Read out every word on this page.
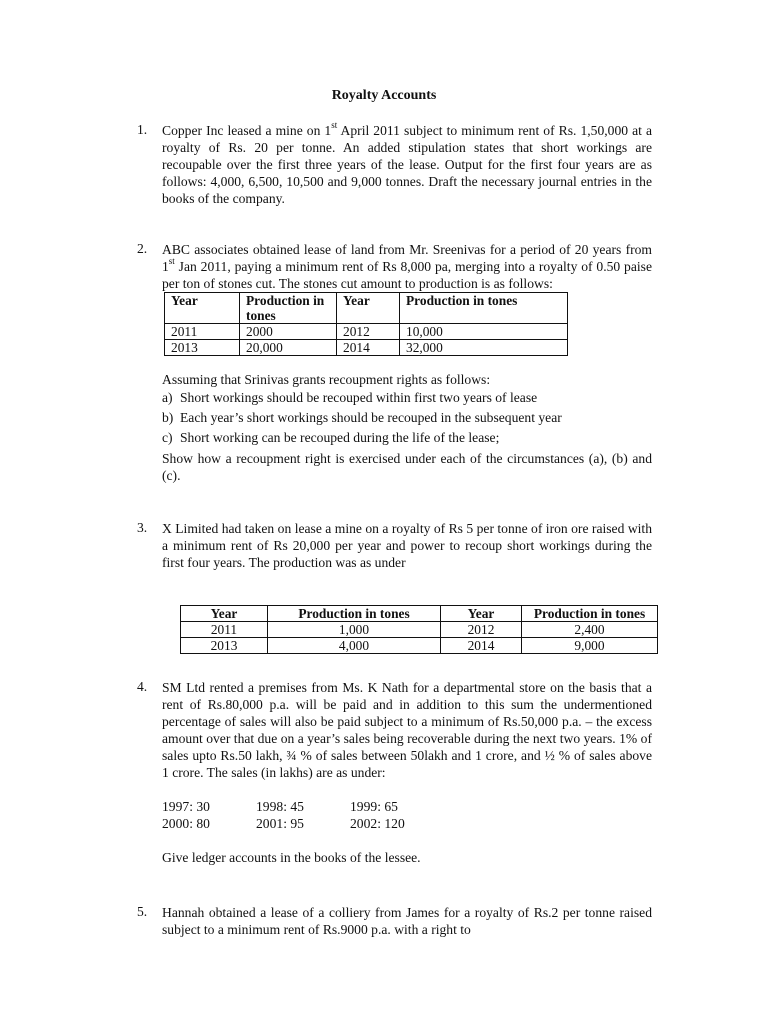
Royalty Accounts
1. Copper Inc leased a mine on 1st April 2011 subject to minimum rent of Rs. 1,50,000 at a royalty of Rs. 20 per tonne. An added stipulation states that short workings are recoupable over the first three years of the lease. Output for the first four years are as follows: 4,000, 6,500, 10,500 and 9,000 tonnes. Draft the necessary journal entries in the books of the company.

2. ABC associates obtained lease of land from Mr. Sreenivas for a period of 20 years from 1st Jan 2011, paying a minimum rent of Rs 8,000 pa, merging into a royalty of 0.50 paise per ton of stones cut. The stones cut amount to production is as follows:

Year	Production in tones	Year	Production in tones
2011	2000	2012	10,000
2013	20,000	2014	32,000

Assuming that Srinivas grants recoupment rights as follows:

a) Short workings should be recouped within first two years of lease
b) Each year’s short workings should be recouped in the subsequent year
c) Short working can be recouped during the life of the lease;

Show how a recoupment right is exercised under each of the circumstances (a), (b) and (c).

3. X Limited had taken on lease a mine on a royalty of Rs 5 per tonne of iron ore raised with a minimum rent of Rs 20,000 per year and power to recoup short workings during the first four years. The production was as under

Year	Production in tones	Year	Production in tones
2011	1,000	2012	2,400
2013	4,000	2014	9,000
4. SM Ltd rented a premises from Ms. K Nath for a departmental store on the basis that a rent of Rs.80,000 p.a. will be paid and in addition to this sum the undermentioned percentage of sales will also be paid subject to a minimum of Rs.50,000 p.a. – the excess amount over that due on a year’s sales being recoverable during the next two years. 1% of sales upto Rs.50 lakh, ¾ % of sales between 50lakh and 1 crore, and ½ % of sales above 1 crore. The sales (in lakhs) are as under:

1997: 30	1998: 45	1999: 65
2000: 80	2001: 95	2002: 120

Give ledger accounts in the books of the lessee.

5. Hannah obtained a lease of a colliery from James for a royalty of Rs.2 per tonne raised subject to a minimum rent of Rs.9000 p.a. with a right to
